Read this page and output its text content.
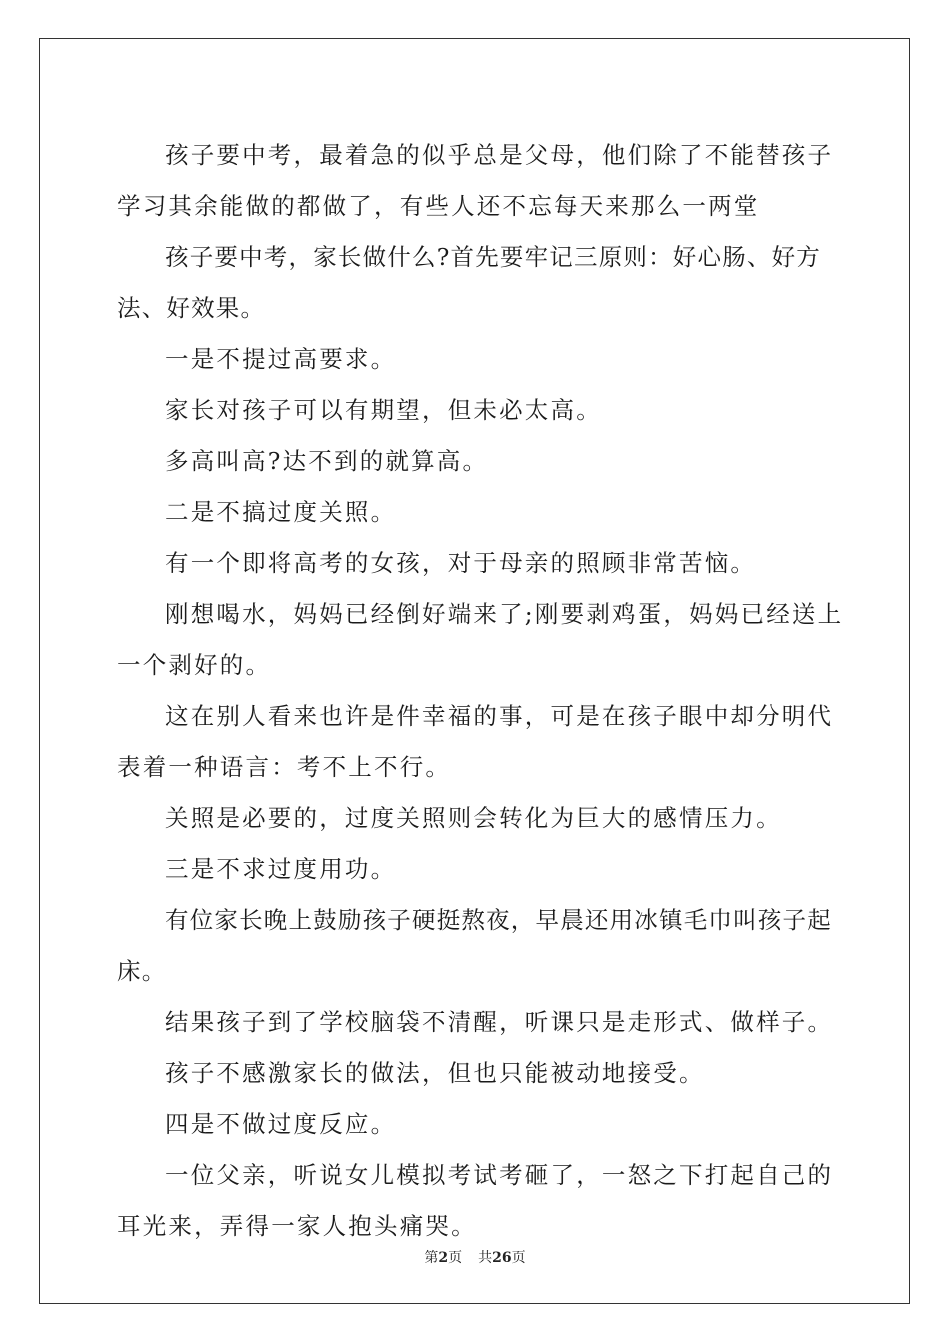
孩子要中考，最着急的似乎总是父母，他们除了不能替孩子学习其余能做的都做了，有些人还不忘每天来那么一两堂

孩子要中考，家长做什么?首先要牢记三原则：好心肠、好方法、好效果。

一是不提过高要求。

家长对孩子可以有期望，但未必太高。

多高叫高?达不到的就算高。

二是不搞过度关照。

有一个即将高考的女孩，对于母亲的照顾非常苦恼。

刚想喝水，妈妈已经倒好端来了;刚要剥鸡蛋，妈妈已经送上一个剥好的。

这在别人看来也许是件幸福的事，可是在孩子眼中却分明代表着一种语言：考不上不行。

关照是必要的，过度关照则会转化为巨大的感情压力。

三是不求过度用功。

有位家长晚上鼓励孩子硬挺熬夜，早晨还用冰镇毛巾叫孩子起床。

结果孩子到了学校脑袋不清醒，听课只是走形式、做样子。

孩子不感激家长的做法，但也只能被动地接受。

四是不做过度反应。

一位父亲，听说女儿模拟考试考砸了，一怒之下打起自己的耳光来，弄得一家人抱头痛哭。

第2页 共26页
